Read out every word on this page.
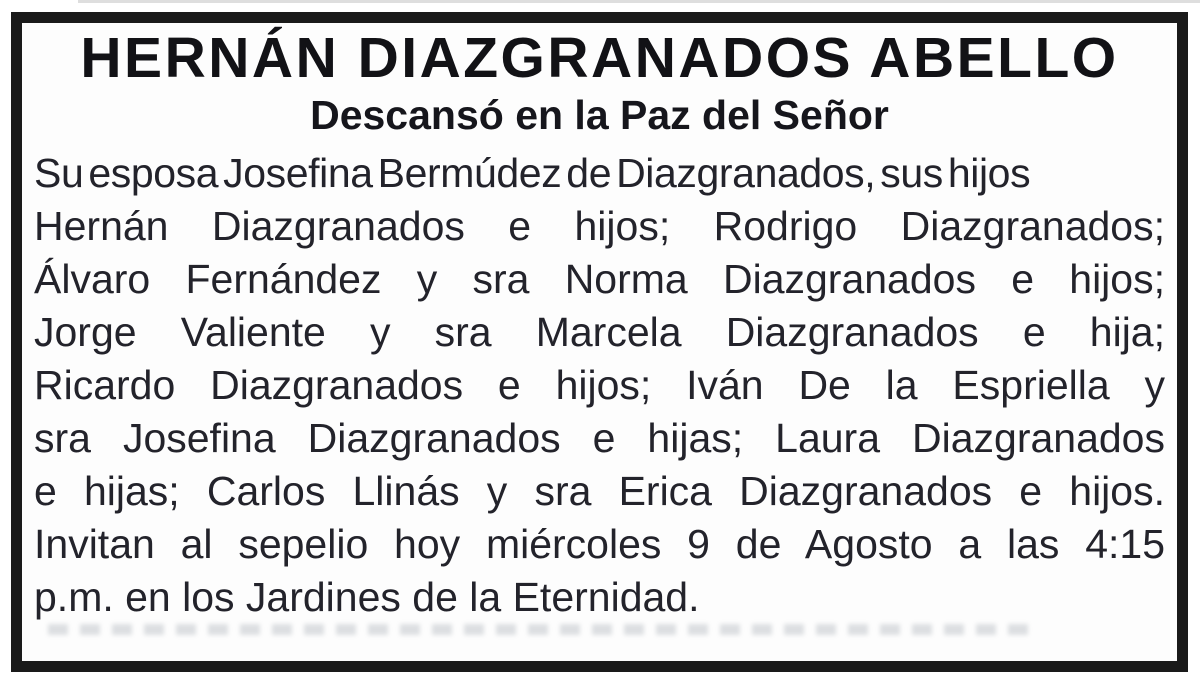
HERNÁN DIAZGRANADOS ABELLO
Descansó en la Paz del Señor
Su esposa Josefina Bermúdez de Diazgranados, sus hijos
Hernán Diazgranados e hijos; Rodrigo Diazgranados;
Álvaro Fernández y sra Norma Diazgranados e hijos;
Jorge Valiente y sra Marcela Diazgranados e hija;
Ricardo Diazgranados e hijos; Iván De la Espriella y
sra Josefina Diazgranados e hijas; Laura Diazgranados
e hijas; Carlos Llinás y sra Erica Diazgranados e hijos.
Invitan al sepelio hoy miércoles 9 de Agosto a las 4:15
p.m. en los Jardines de la Eternidad.
